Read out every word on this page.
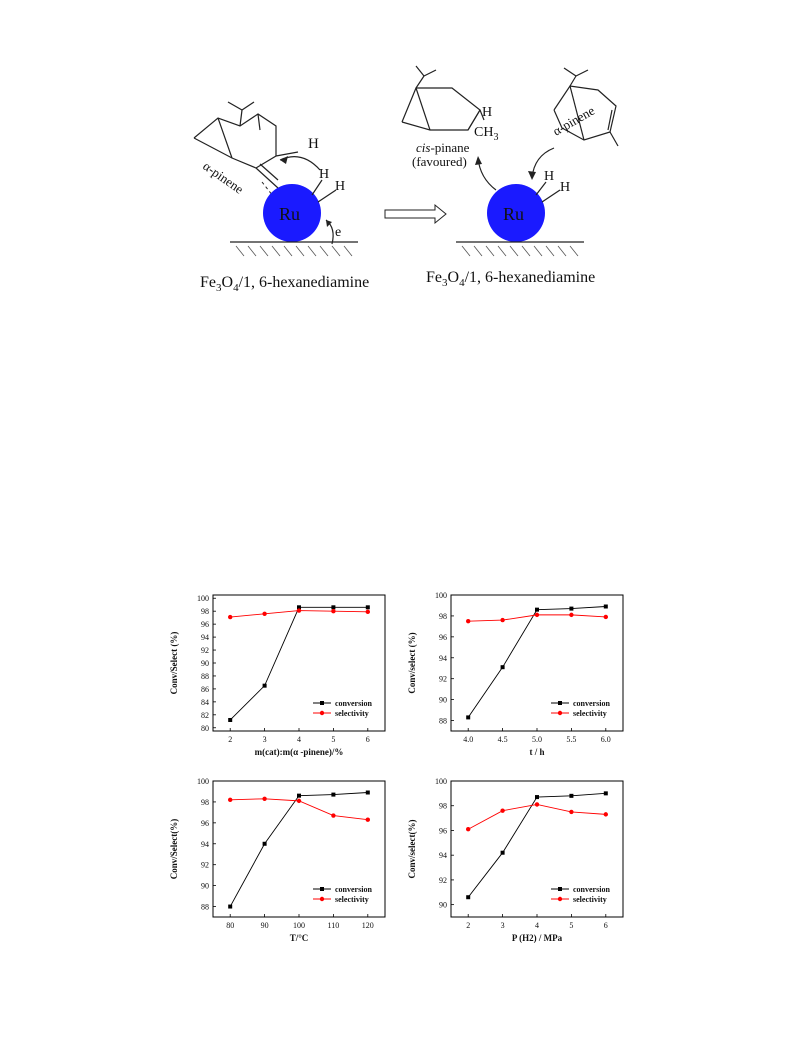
α-pinene
H
Ru
H
H
e
$Fe_3O_4/1$, 6-hexanediamine
H
$CH_3$
cis-pinane
(favoured)
α-pinene
Ru
H
H
$Fe_3O_4/1$, 6-hexanediamine
80
82
84
86
88
90
92
94
96
98
100
2	3	4	5	6
m(cat):m(α -pinene)/%
Conv/Select (%)
conversion
selectivity
88
90
92
94
96
98
100
4.0	4.5	5.0	5.5	6.0
t / h
Conv/select (%)
conversion
selectivity
88
90
92
94
96
98
100
80	90	100	110	120
T/°C
Conv/Select(%)
conversion
selectivity
90
92
94
96
98
100
2	3	4	5	6
P (H2) / MPa
Conv/select(%)
conversion
selectivity
